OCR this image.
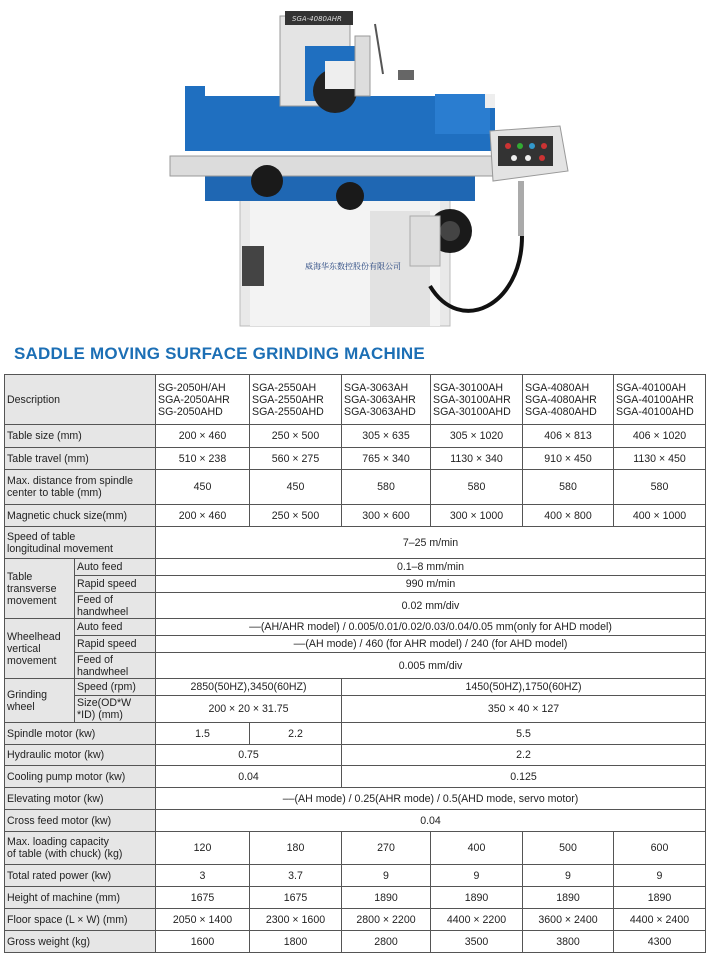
威海华东数控股份有限公司
SGA-4080AHR
SADDLE MOVING SURFACE GRINDING MACHINE
Description		SG-2050H/AH
SGA-2050AHR
SG-2050AHD	SGA-2550AH
SGA-2550AHR
SGA-2550AHD	SGA-3063AH
SGA-3063AHR
SGA-3063AHD	SGA-30100AH
SGA-30100AHR
SGA-30100AHD	SGA-4080AH
SGA-4080AHR
SGA-4080AHD	SGA-40100AH
SGA-40100AHR
SGA-40100AHD

Table size (mm)		200 × 460	250 × 500	305 × 635	305 × 1020	406 × 813	406 × 1020
Table travel (mm)		510 × 238	560 × 275	765 × 340	1130 × 340	910 × 450	1130 × 450

Max. distance from spindle
center to table (mm)		450	450	580	580	580	580
Magnetic chuck size(mm)		200 × 460	250 × 500	300 × 600	300 × 1000	400 × 800	400 × 1000

Speed of table
longitudinal movement		7–25 m/min					

Table
transverse
movement	Auto feed	0.1–8 mm/min					
	Rapid speed	990 m/min					

	Feed of
handwheel	0.02 mm/div					

Wheelhead
vertical
movement	Auto feed	––(AH/AHR model) / 0.005/0.01/0.02/0.03/0.04/0.05 mm(only for AHD model)					
	Rapid speed	––(AH mode) / 460 (for AHR model) / 240 (for AHD model)					

	Feed of
handwheel	0.005 mm/div					

Grinding
wheel	Speed (rpm)	2850(50HZ),3450(60HZ)		1450(50HZ),1750(60HZ)			

	Size(OD*W
*ID) (mm)	200 × 20 × 31.75		350 × 40 × 127			
Spindle motor (kw)		1.5	2.2	5.5			
Hydraulic motor (kw)		0.75		2.2			
Cooling pump motor (kw)		0.04		0.125			
Elevating motor (kw)		––(AH mode) / 0.25(AHR mode) / 0.5(AHD mode, servo motor)					
Cross feed motor (kw)		0.04					

Max. loading capacity
of table (with chuck) (kg)		120	180	270	400	500	600
Total rated power (kw)		3	3.7	9	9	9	9
Height of machine (mm)		1675	1675	1890	1890	1890	1890
Floor space (L × W) (mm)		2050 × 1400	2300 × 1600	2800 × 2200	4400 × 2200	3600 × 2400	4400 × 2400
Gross weight (kg)		1600	1800	2800	3500	3800	4300
